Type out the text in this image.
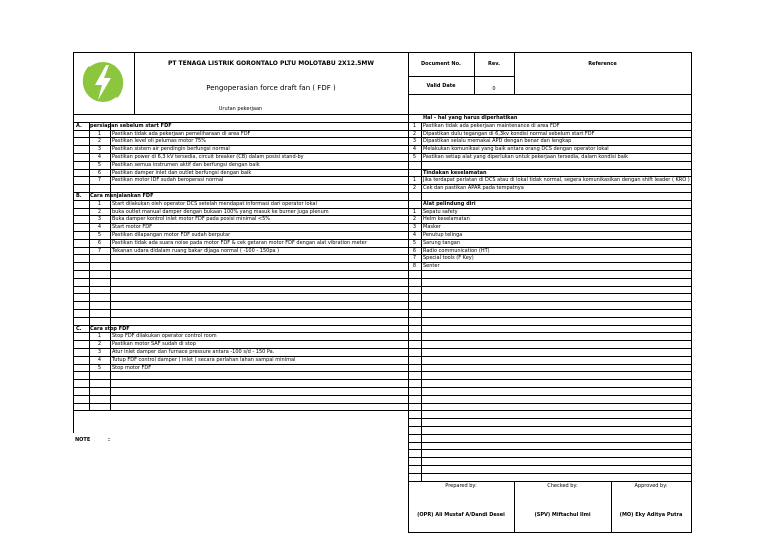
PT TENAGA LISTRIK GORONTALO PLTU MOLOTABU 2X12.5MW
Pengoperasian force draft fan ( FDF )
Document No.	Rev.	Reference
Valid Date	0
Urutan pekerjaan
A. persiapan sebelum start FDF
1	Pastikan tidak ada pekerjaan pemeliharaan di area FDF
2	Pastikan level oli pelumas motor 75%
3	Pastikan sistem air pendingin berfungsi normal
4	Pastikan power di 6,3 kV tersedia, circuit breaker (CB) dalam posisi stand-by
5	Pastikan semua instrumen aktif dan berfungsi dengan baik
6	Pastikan damper inlet dan outlet berfungsi dengan baik
7	Pastikan motor IDF sudah beroperasi normal
B. Cara menjalankan FDF
1	Start dilakukan oleh operator DCS setelah mendapat informasi dari operator lokal
2	buka outlet manual damper dengan bukaan 100% yang masuk ke burner juga plenum
3	Buka damper kontrol inlet motor FDF pada posisi minimal <5%
4	Start motor FDF
5	Pastikan dilapangan motor FDF sudah berputar
6	Pastikan tidak ada suara noise pada motor FDF & cek getaran motor FDF dengan alat vibration meter
7	Tekanan udara didalam ruang bakar dijaga normal ( -100 - 150pa )
C. Cara stop FDF
1	Stop FDF dilakukan operator control room
2	Pastikan motor SAF sudah di stop
3	Atur inlet damper dan furnace pressure antara -100 s/d - 150 Pa.
4	Tutup FDF control damper ( inlet ) secara perlahan lahan sampai minimal
5	Stop motor FDF
Hal - hal yang harus diperhatikan
1	Pastikan tidak ada pekerjaan maintenance di area FDF
2	Dipastikan dulu tegangan di 6,3kv kondisi normal sebelum start FDF
3	Dipastikan selalu memakai APD dengan benar dan lengkap
4	Melakukan komunikasi yang baik antara orang DCS dengan operator lokal
5	Pastikan setiap alat yang diperlukan untuk pekerjaan tersedia, dalam kondisi baik
Tindakan keselamatan
1	Jika terdapat perlatan di DCS atau di lokal tidak normal, segera komunikasikan dengan shift leader ( KRO )
2	Cek dan pastikan APAR pada tempatnya
Alat pelindung diri
1	Sepatu safety
2	Helm keselamatan
3	Masker
4	Penutup telinga
5	Sarung tangan
6	Radio communication (HT)
7	Special tools (F Key)
8	Senter
NOTE	:
Prepared by:	Checked by:	Approved by:
(OPR) Ali Mustaf A/Dandi Desei	(SPV) Miftachul Ilmi	(MO) Eky Aditya Putra
